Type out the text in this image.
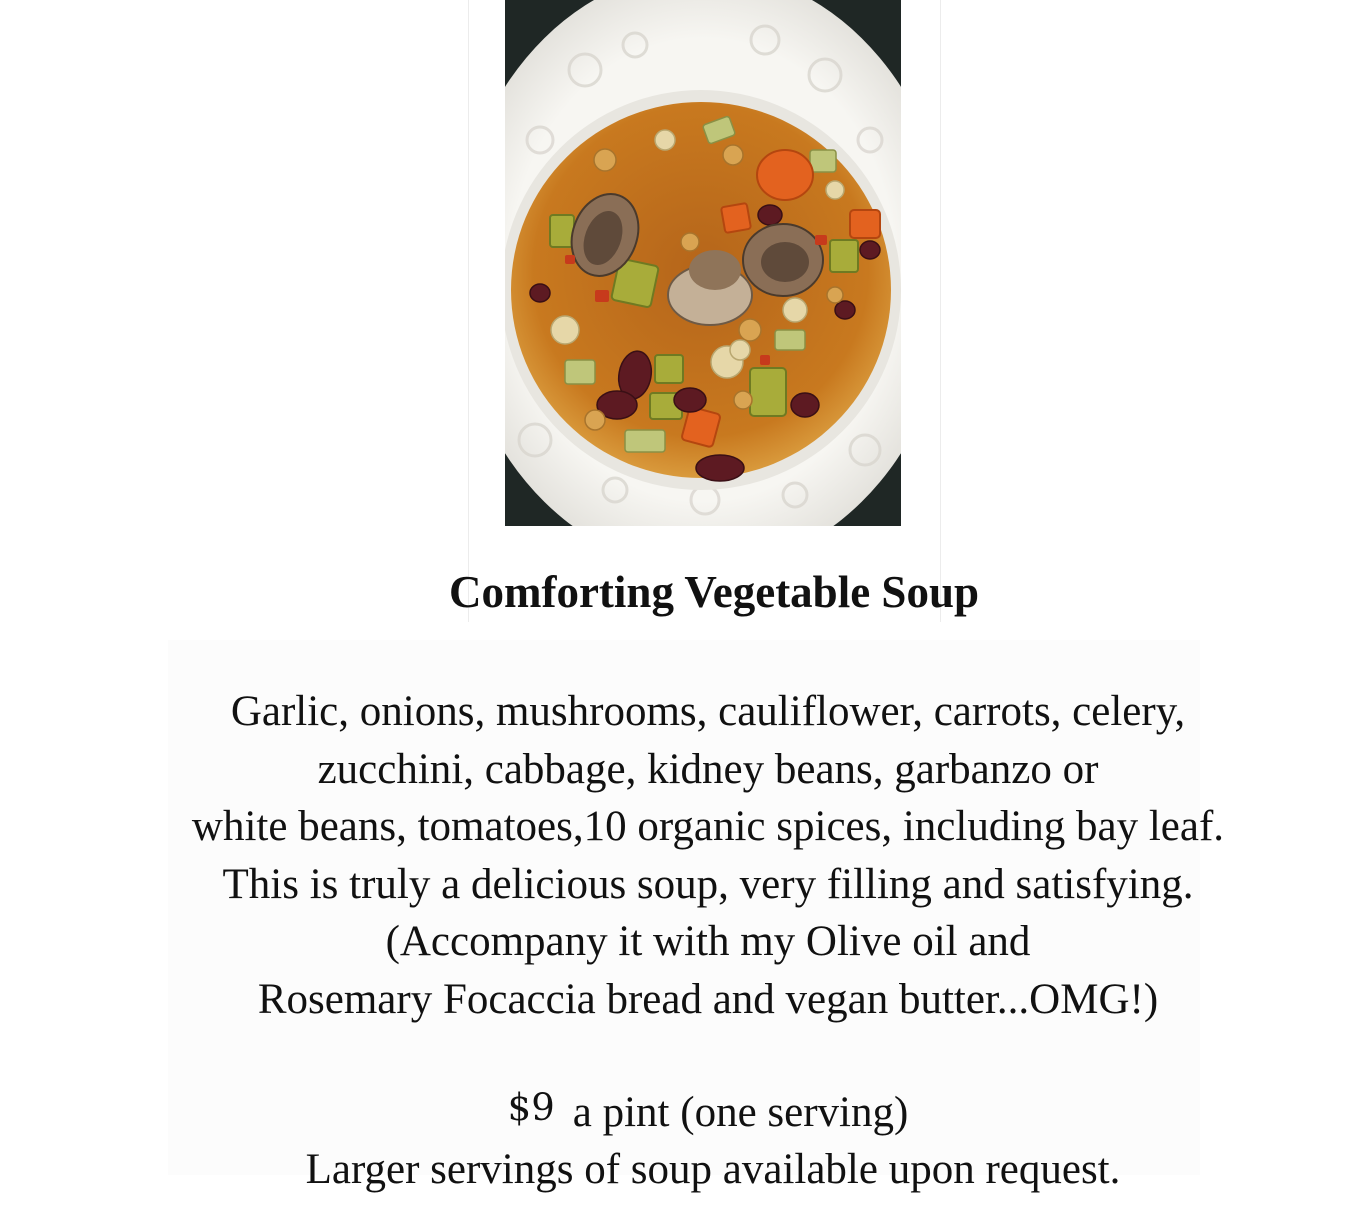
Comforting Vegetable Soup

Garlic, onions, mushrooms, cauliflower, carrots, celery,

zucchini, cabbage, kidney beans, garbanzo or

white beans, tomatoes,10 organic spices, including bay leaf.

This is truly a delicious soup, very filling and satisfying.

(Accompany it with my Olive oil and

Rosemary Focaccia bread and vegan butter...OMG!)

$9 a pint (one serving)
Larger servings of soup available upon request.
